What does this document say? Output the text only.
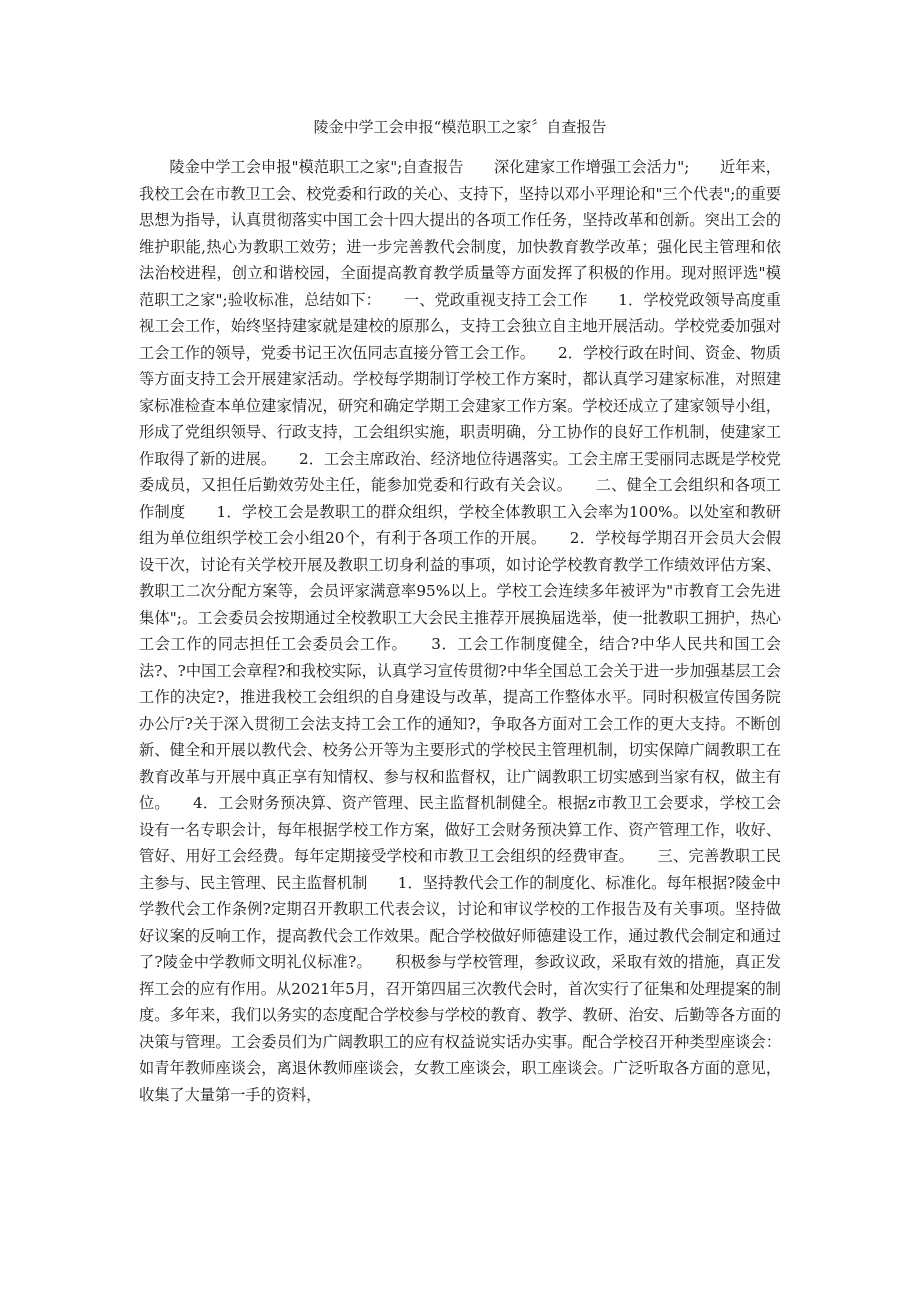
陵金中学工会申报“模范职工之家〞自查报告

陵金中学工会申报"模范职工之家";自查报告　　深化建家工作增强工会活力";　　近年来，我校工会在市教卫工会、校党委和行政的关心、支持下，坚持以邓小平理论和"三个代表";的重要思想为指导，认真贯彻落实中国工会十四大提出的各项工作任务，坚持改革和创新。突出工会的维护职能,热心为教职工效劳；进一步完善教代会制度，加快教育教学改革；强化民主管理和依法治校进程，创立和谐校园，全面提高教育教学质量等方面发挥了积极的作用。现对照评选"模范职工之家";验收标准，总结如下：　　一、党政重视支持工会工作　　1．学校党政领导高度重视工会工作，始终坚持建家就是建校的原那么，支持工会独立自主地开展活动。学校党委加强对工会工作的领导，党委书记王次伍同志直接分管工会工作。　　2．学校行政在时间、资金、物质等方面支持工会开展建家活动。学校每学期制订学校工作方案时，都认真学习建家标准，对照建家标准检查本单位建家情况，研究和确定学期工会建家工作方案。学校还成立了建家领导小组，形成了党组织领导、行政支持，工会组织实施，职责明确，分工协作的良好工作机制，使建家工作取得了新的进展。　　2．工会主席政治、经济地位待遇落实。工会主席王雯丽同志既是学校党委成员，又担任后勤效劳处主任，能参加党委和行政有关会议。　　二、健全工会组织和各项工作制度　　1．学校工会是教职工的群众组织，学校全体教职工入会率为100%。以处室和教研组为单位组织学校工会小组20个，有利于各项工作的开展。　　2．学校每学期召开会员大会假设干次，讨论有关学校开展及教职工切身利益的事项，如讨论学校教育教学工作绩效评估方案、教职工二次分配方案等，会员评家满意率95%以上。学校工会连续多年被评为"市教育工会先进集体";。工会委员会按期通过全校教职工大会民主推荐开展换届选举，使一批教职工拥护，热心工会工作的同志担任工会委员会工作。　　3．工会工作制度健全，结合?中华人民共和国工会法?、?中国工会章程?和我校实际，认真学习宣传贯彻?中华全国总工会关于进一步加强基层工会工作的决定?，推进我校工会组织的自身建设与改革，提高工作整体水平。同时积极宣传国务院办公厅?关于深入贯彻工会法支持工会工作的通知?，争取各方面对工会工作的更大支持。不断创新、健全和开展以教代会、校务公开等为主要形式的学校民主管理机制，切实保障广阔教职工在教育改革与开展中真正享有知情权、参与权和监督权，让广阔教职工切实感到当家有权，做主有位。　　4．工会财务预决算、资产管理、民主监督机制健全。根据z市教卫工会要求，学校工会设有一名专职会计，每年根据学校工作方案，做好工会财务预决算工作、资产管理工作，收好、管好、用好工会经费。每年定期接受学校和市教卫工会组织的经费审查。　　三、完善教职工民主参与、民主管理、民主监督机制　　1．坚持教代会工作的制度化、标准化。每年根据?陵金中学教代会工作条例?定期召开教职工代表会议，讨论和审议学校的工作报告及有关事项。坚持做好议案的反响工作，提高教代会工作效果。配合学校做好师德建设工作，通过教代会制定和通过了?陵金中学教师文明礼仪标准?。　　积极参与学校管理，参政议政，采取有效的措施，真正发挥工会的应有作用。从2021年5月，召开第四届三次教代会时，首次实行了征集和处理提案的制度。多年来，我们以务实的态度配合学校参与学校的教育、教学、教研、治安、后勤等各方面的决策与管理。工会委员们为广阔教职工的应有权益说实话办实事。配合学校召开种类型座谈会：如青年教师座谈会，离退休教师座谈会，女教工座谈会，职工座谈会。广泛听取各方面的意见，收集了大量第一手的资料，
